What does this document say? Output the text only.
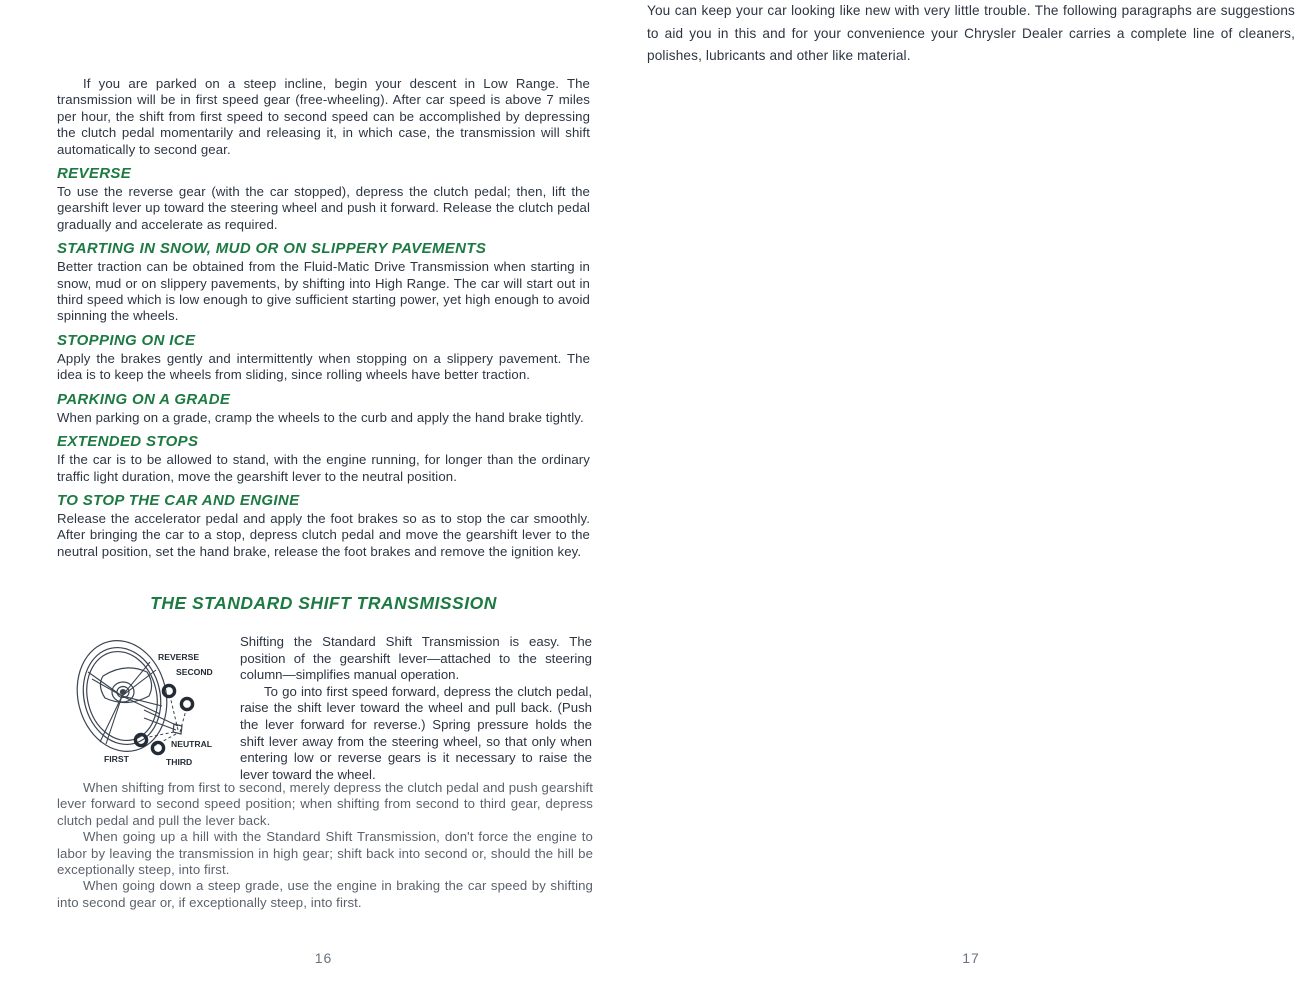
If you are parked on a steep incline, begin your descent in Low Range. The transmission will be in first speed gear (free-wheeling). After car speed is above 7 miles per hour, the shift from first speed to second speed can be accomplished by depressing the clutch pedal momentarily and releasing it, in which case, the transmission will shift automatically to second gear.

REVERSE

To use the reverse gear (with the car stopped), depress the clutch pedal; then, lift the gearshift lever up toward the steering wheel and push it forward. Release the clutch pedal gradually and accelerate as required.

STARTING IN SNOW, MUD OR ON SLIPPERY PAVEMENTS

Better traction can be obtained from the Fluid-Matic Drive Transmission when starting in snow, mud or on slippery pavements, by shifting into High Range. The car will start out in third speed which is low enough to give sufficient starting power, yet high enough to avoid spinning the wheels.

STOPPING ON ICE

Apply the brakes gently and intermittently when stopping on a slippery pavement. The idea is to keep the wheels from sliding, since rolling wheels have better traction.

PARKING ON A GRADE

When parking on a grade, cramp the wheels to the curb and apply the hand brake tightly.

EXTENDED STOPS

If the car is to be allowed to stand, with the engine running, for longer than the ordinary traffic light duration, move the gearshift lever to the neutral position.

TO STOP THE CAR AND ENGINE

Release the accelerator pedal and apply the foot brakes so as to stop the car smoothly. After bringing the car to a stop, depress clutch pedal and move the gearshift lever to the neutral position, set the hand brake, release the foot brakes and remove the ignition key.

THE STANDARD SHIFT TRANSMISSION

REVERSE
SECOND
FIRST
NEUTRAL
THIRD

Shifting the Standard Shift Transmission is easy. The position of the gearshift lever—attached to the steering column—simplifies manual operation.

To go into first speed forward, depress the clutch pedal, raise the shift lever toward the wheel and pull back. (Push the lever forward for reverse.) Spring pressure holds the shift lever away from the steering wheel, so that only when entering low or reverse gears is it necessary to raise the lever toward the wheel.

When shifting from first to second, merely depress the clutch pedal and push gearshift lever forward to second speed position; when shifting from second to third gear, depress clutch pedal and pull the lever back.

When going up a hill with the Standard Shift Transmission, don't force the engine to labor by leaving the transmission in high gear; shift back into second or, should the hill be exceptionally steep, into first.

When going down a steep grade, use the engine in braking the car speed by shifting into second gear or, if exceptionally steep, into first.

16

You can keep your car looking like new with very little trouble. The following paragraphs are suggestions to aid you in this and for your convenience your Chrysler Dealer carries a complete line of cleaners, polishes, lubricants and other like material.

17
